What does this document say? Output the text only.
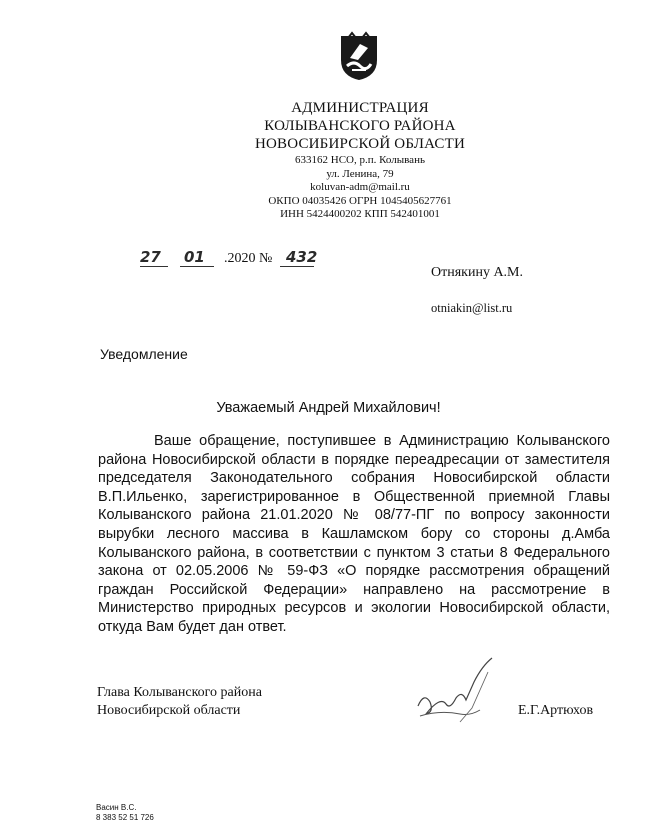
АДМИНИСТРАЦИЯ
КОЛЫВАНСКОГО РАЙОНА
НОВОСИБИРСКОЙ ОБЛАСТИ
633162 НСО, р.п. Колывань
ул. Ленина, 79
koluvan-adm@mail.ru
ОКПО 04035426 ОГРН 1045405627761
ИНН 5424400202 КПП 542401001
27 01 .2020 № 432
Отнякину А.М.
otniakin@list.ru
Уведомление
Уважаемый Андрей Михайлович!

Ваше обращение, поступившее в Администрацию Колыванского района Новосибирской области в порядке переадресации от заместителя председателя Законодательного собрания Новосибирской области В.П.Ильенко, зарегистрированное в Общественной приемной Главы Колыванского района 21.01.2020 № 08/77-ПГ по вопросу законности вырубки лесного массива в Кашламском бору со стороны д.Амба Колыванского района, в соответствии с пунктом 3 статьи 8 Федерального закона от 02.05.2006 № 59-ФЗ «О порядке рассмотрения обращений граждан Российской Федерации» направлено на рассмотрение в Министерство природных ресурсов и экологии Новосибирской области, откуда Вам будет дан ответ.

Глава Колыванского района
Новосибирской области	Е.Г.Артюхов
Васин В.С.
8 383 52 51 726
